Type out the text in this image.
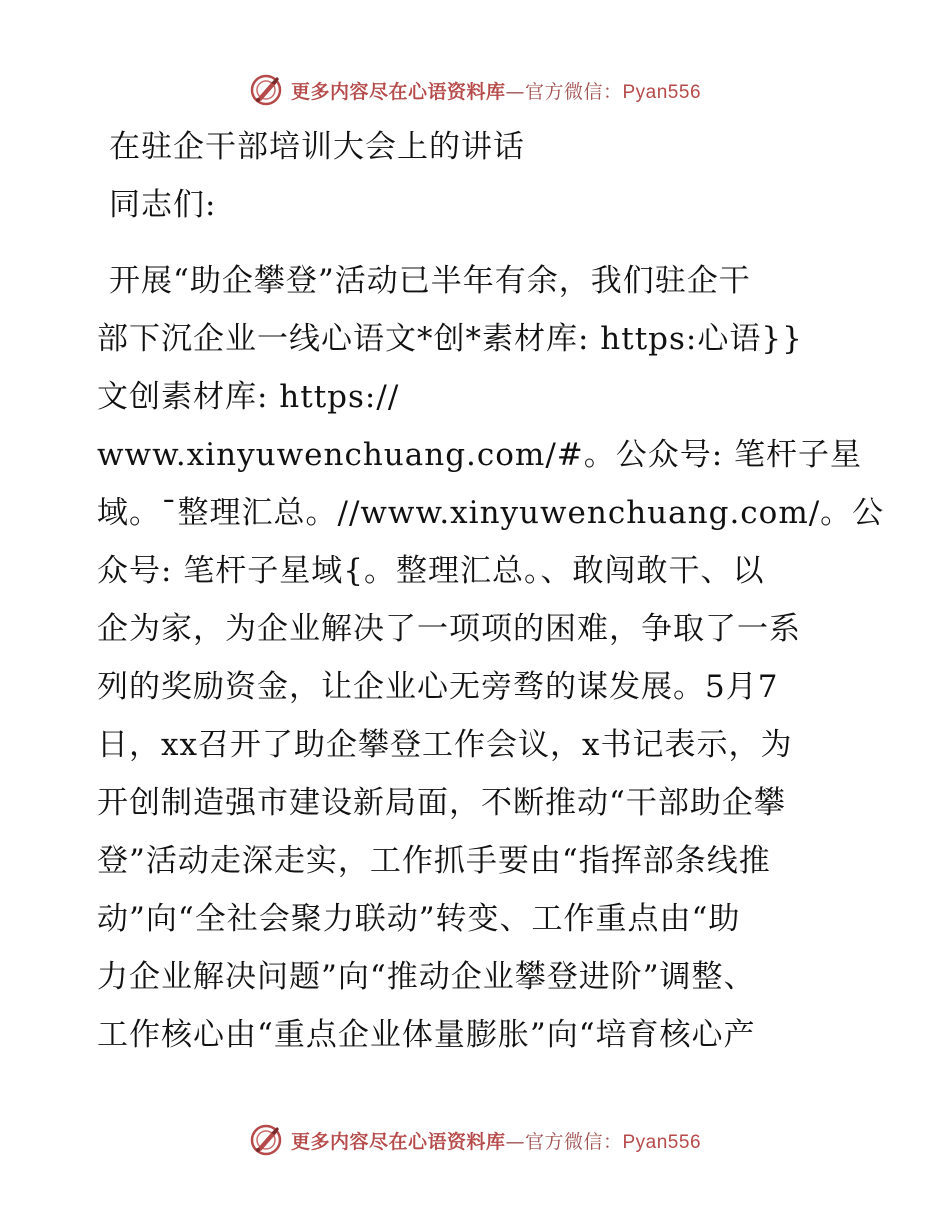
更多内容尽在心语资料库—官方微信：Pyan556
在驻企干部培训大会上的讲话
同志们:
开展“助企攀登”活动已半年有余，我们驻企干
部下沉企业一线心语文*创*素材库: https:心语}}
文创素材库: https://
www.xinyuwenchuang.com/#。公众号: 笔杆子星
域。¯整理汇总。//www.xinyuwenchuang.com/。公
众号: 笔杆子星域{。整理汇总。、敢闯敢干、以
企为家，为企业解决了一项项的困难，争取了一系
列的奖励资金，让企业心无旁骛的谋发展。5月7
日，xx召开了助企攀登工作会议，x书记表示，为
开创制造强市建设新局面，不断推动“干部助企攀
登”活动走深走实，工作抓手要由“指挥部条线推
动”向“全社会聚力联动”转变、工作重点由“助
力企业解决问题”向“推动企业攀登进阶”调整、
工作核心由“重点企业体量膨胀”向“培育核心产
更多内容尽在心语资料库—官方微信：Pyan556
